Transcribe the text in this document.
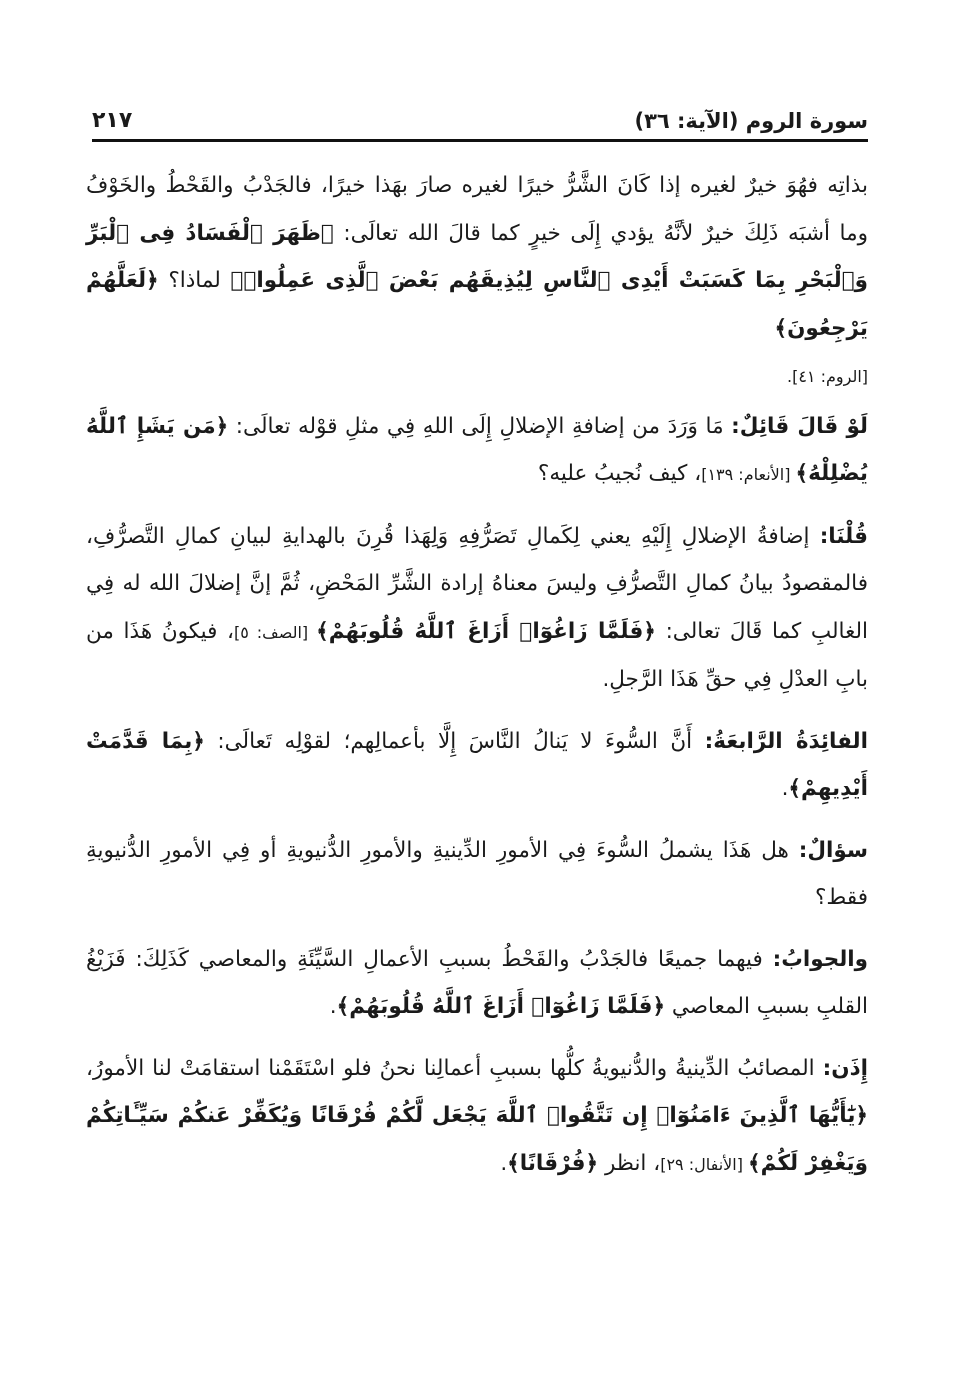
سورة الروم (الآية: ٣٦)
٢١٧

بذاتِه فهُوَ خيرٌ لغيره إذا كَانَ الشَّرُّ خيرًا لغيره صارَ بهَذا خيرًا، فالجَدْبُ والقَحْطُ والخَوْفُ وما أشبَه ذَلِكَ خيرٌ لأنَّهُ يؤدي إِلَى خيرٍ كما قالَ الله تعالَى: ﴿ظَهَرَ ٱلْفَسَادُ فِى ٱلْبَرِّ وَٱلْبَحْرِ بِمَا كَسَبَتْ أَيْدِى ٱلنَّاسِ لِيُذِيقَهُم بَعْضَ ٱلَّذِى عَمِلُوا۟﴾ لماذا؟ ﴿لَعَلَّهُمْ يَرْجِعُونَ﴾
[الروم: ٤١].

لَوْ قَالَ قَائِلٌ: مَا وَرَدَ من إضافةِ الإضلالِ إِلَى اللهِ فِي مثلِ قوْله تعالَى: ﴿مَن يَشَإِ ٱللَّهُ يُضْلِلْهُ﴾ [الأنعام: ١٣٩]، كيف نُجيبُ عليه؟

قُلْنَا: إضافةُ الإضلالِ إِلَيْهِ يعني لِكَمالِ تَصَرُّفِهِ وَلِهَذا قُرِنَ بالهدايةِ لبيانِ كمالِ التَّصرُّفِ، فالمقصودُ بيانُ كمالِ التَّصرُّفِ وليسَ معناهُ إرادة الشَّرِّ المَحْضِ، ثُمَّ إنَّ إضلالَ الله له فِي الغالبِ كما قَالَ تعالى: ﴿فَلَمَّا زَاغُوٓا۟ أَزَاغَ ٱللَّهُ قُلُوبَهُمْ﴾ [الصف: ٥]، فيكونُ هَذَا من بابِ العدْلِ فِي حقِّ هَذَا الرَّجلِ.

الفائِدَةُ الرَّابعَةُ: أَنَّ السُّوءَ لا يَنالُ النَّاسَ إِلَّا بأعمالِهم؛ لقوْلِه تَعالَى: ﴿بِمَا قَدَّمَتْ أَيْدِيهِمْ﴾.

سؤالٌ: هل هَذَا يشملُ السُّوءَ فِي الأمورِ الدِّينيةِ والأمورِ الدُّنيويةِ أو فِي الأمورِ الدُّنيويةِ فقط؟

والجوابُ: فيهما جميعًا فالجَدْبُ والقَحْطُ بسببِ الأعمالِ السَّيِّئَةِ والمعاصي كَذَلِكَ: فَزَيْغُ القلبِ بسببِ المعاصي ﴿فَلَمَّا زَاغُوٓا۟ أَزَاغَ ٱللَّهُ قُلُوبَهُمْ﴾.

إِذَن: المصائبُ الدِّينيةُ والدُّنيويةُ كلُّها بسببِ أعمالِنا نحنُ فلو اسْتَقَمْنا استقامَتْ لنا الأمورُ، ﴿يَٰٓأَيُّهَا ٱلَّذِينَ ءَامَنُوٓا۟ إِن تَتَّقُوا۟ ٱللَّهَ يَجْعَل لَّكُمْ فُرْقَانًا وَيُكَفِّرْ عَنكُمْ سَيِّـَٔاتِكُمْ وَيَغْفِرْ لَكُمْ﴾ [الأنفال: ٢٩]، انظر ﴿فُرْقَانًا﴾.
